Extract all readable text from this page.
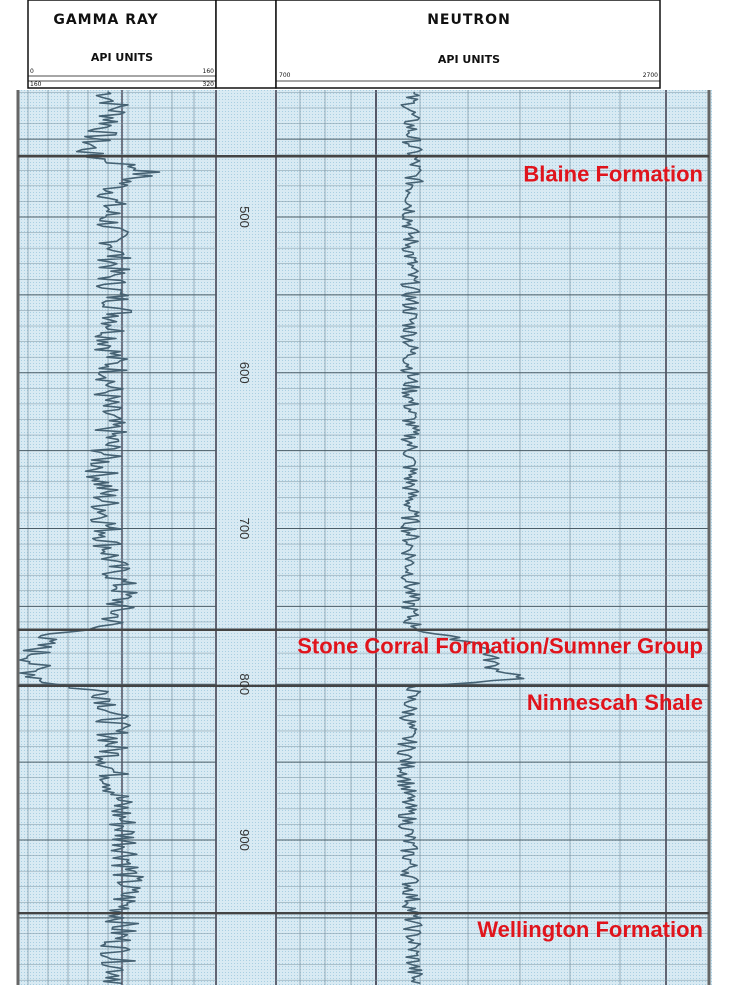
GAMMA RAY
API UNITS
0	160
160	320
NEUTRON
API UNITS
700	2700
500
600
700
800
900
Blaine Formation
Stone Corral Formation/Sumner Group
Ninnescah Shale
Wellington Formation
